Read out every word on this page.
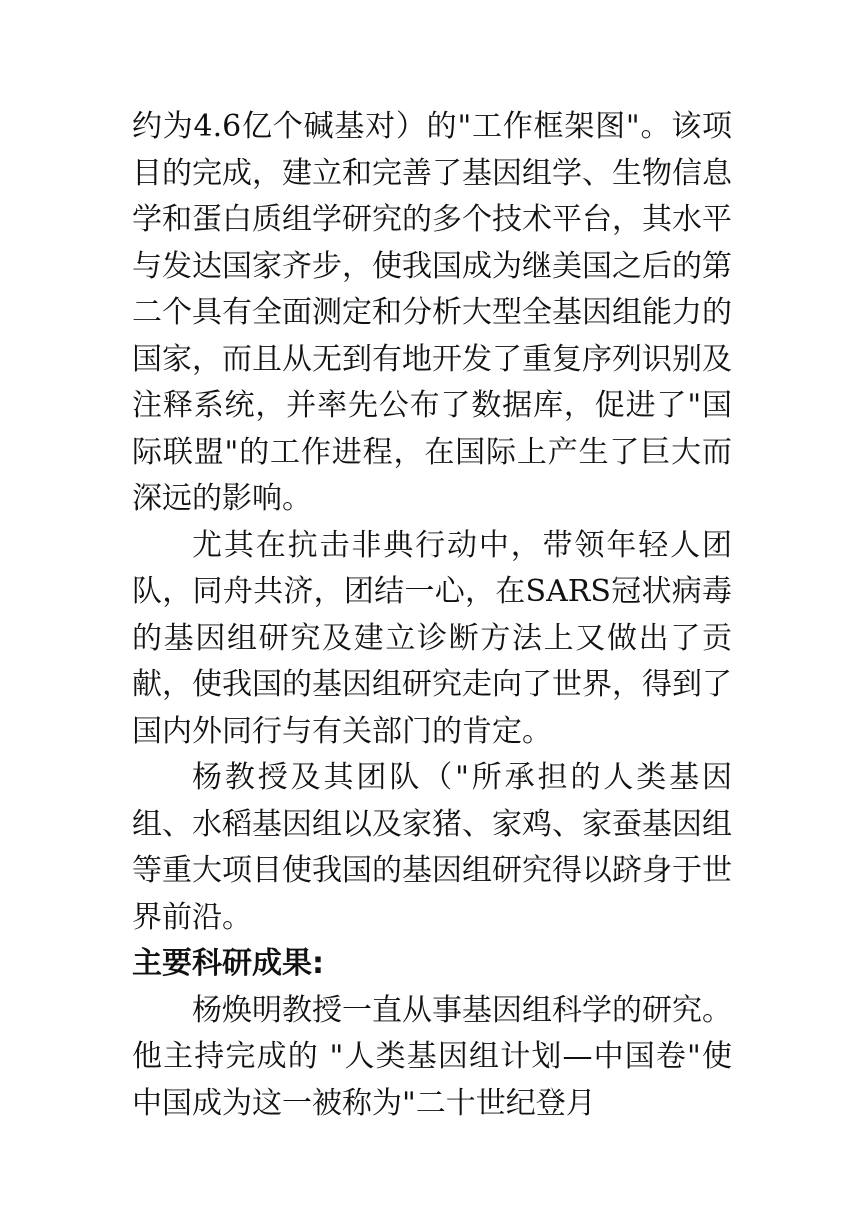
约为4.6亿个碱基对）的"工作框架图"。该项目的完成，建立和完善了基因组学、生物信息学和蛋白质组学研究的多个技术平台，其水平与发达国家齐步，使我国成为继美国之后的第二个具有全面测定和分析大型全基因组能力的国家，而且从无到有地开发了重复序列识别及注释系统，并率先公布了数据库，促进了"国际联盟"的工作进程，在国际上产生了巨大而深远的影响。

尤其在抗击非典行动中，带领年轻人团队，同舟共济，团结一心，在SARS冠状病毒的基因组研究及建立诊断方法上又做出了贡献，使我国的基因组研究走向了世界，得到了国内外同行与有关部门的肯定。

杨教授及其团队（"所承担的人类基因组、水稻基因组以及家猪、家鸡、家蚕基因组等重大项目使我国的基因组研究得以跻身于世界前沿。

主要科研成果:

杨焕明教授一直从事基因组科学的研究。他主持完成的 "人类基因组计划—中国卷"使中国成为这一被称为"二十世纪登月
